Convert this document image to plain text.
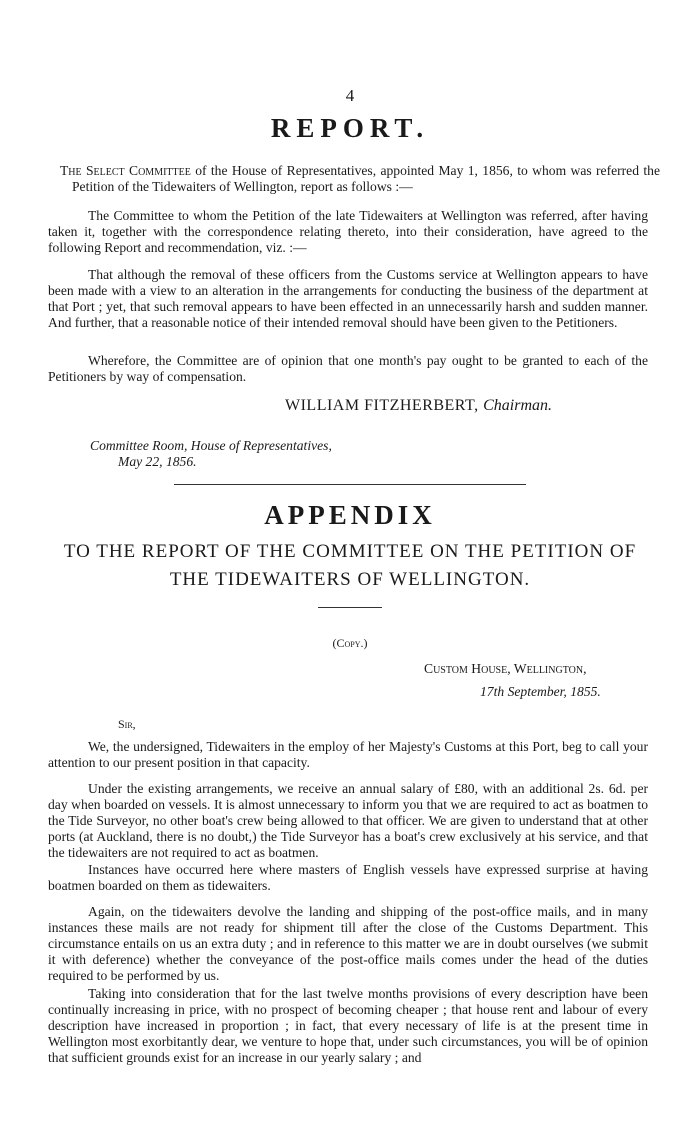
4
REPORT.

The Select Committee of the House of Representatives, appointed May 1, 1856, to whom was referred the Petition of the Tidewaiters of Wellington, report as follows :—

The Committee to whom the Petition of the late Tidewaiters at Wellington was referred, after having taken it, together with the correspondence relating thereto, into their consideration, have agreed to the following Report and recommendation, viz. :—

That although the removal of these officers from the Customs service at Wellington appears to have been made with a view to an alteration in the arrangements for conducting the business of the department at that Port ; yet, that such removal appears to have been effected in an unnecessarily harsh and sudden manner. And further, that a reasonable notice of their intended removal should have been given to the Petitioners.

Wherefore, the Committee are of opinion that one month's pay ought to be granted to each of the Petitioners by way of compensation.

WILLIAM FITZHERBERT, Chairman.
Committee Room, House of Representatives,
May 22, 1856.
APPENDIX
TO THE REPORT OF THE COMMITTEE ON THE PETITION OF
THE TIDEWAITERS OF WELLINGTON.
(Copy.)
Custom House, Wellington,
17th September, 1855.
Sir,

We, the undersigned, Tidewaiters in the employ of her Majesty's Customs at this Port, beg to call your attention to our present position in that capacity.

Under the existing arrangements, we receive an annual salary of £80, with an additional 2s. 6d. per day when boarded on vessels. It is almost unnecessary to inform you that we are required to act as boatmen to the Tide Surveyor, no other boat's crew being allowed to that officer. We are given to understand that at other ports (at Auckland, there is no doubt,) the Tide Surveyor has a boat's crew exclusively at his service, and that the tidewaiters are not required to act as boatmen.

Instances have occurred here where masters of English vessels have expressed surprise at having boatmen boarded on them as tidewaiters.

Again, on the tidewaiters devolve the landing and shipping of the post-office mails, and in many instances these mails are not ready for shipment till after the close of the Customs Department. This circumstance entails on us an extra duty ; and in reference to this matter we are in doubt ourselves (we submit it with deference) whether the conveyance of the post-office mails comes under the head of the duties required to be performed by us.

Taking into consideration that for the last twelve months provisions of every description have been continually increasing in price, with no prospect of becoming cheaper ; that house rent and labour of every description have increased in proportion ; in fact, that every necessary of life is at the present time in Wellington most exorbitantly dear, we venture to hope that, under such circumstances, you will be of opinion that sufficient grounds exist for an increase in our yearly salary ; and
